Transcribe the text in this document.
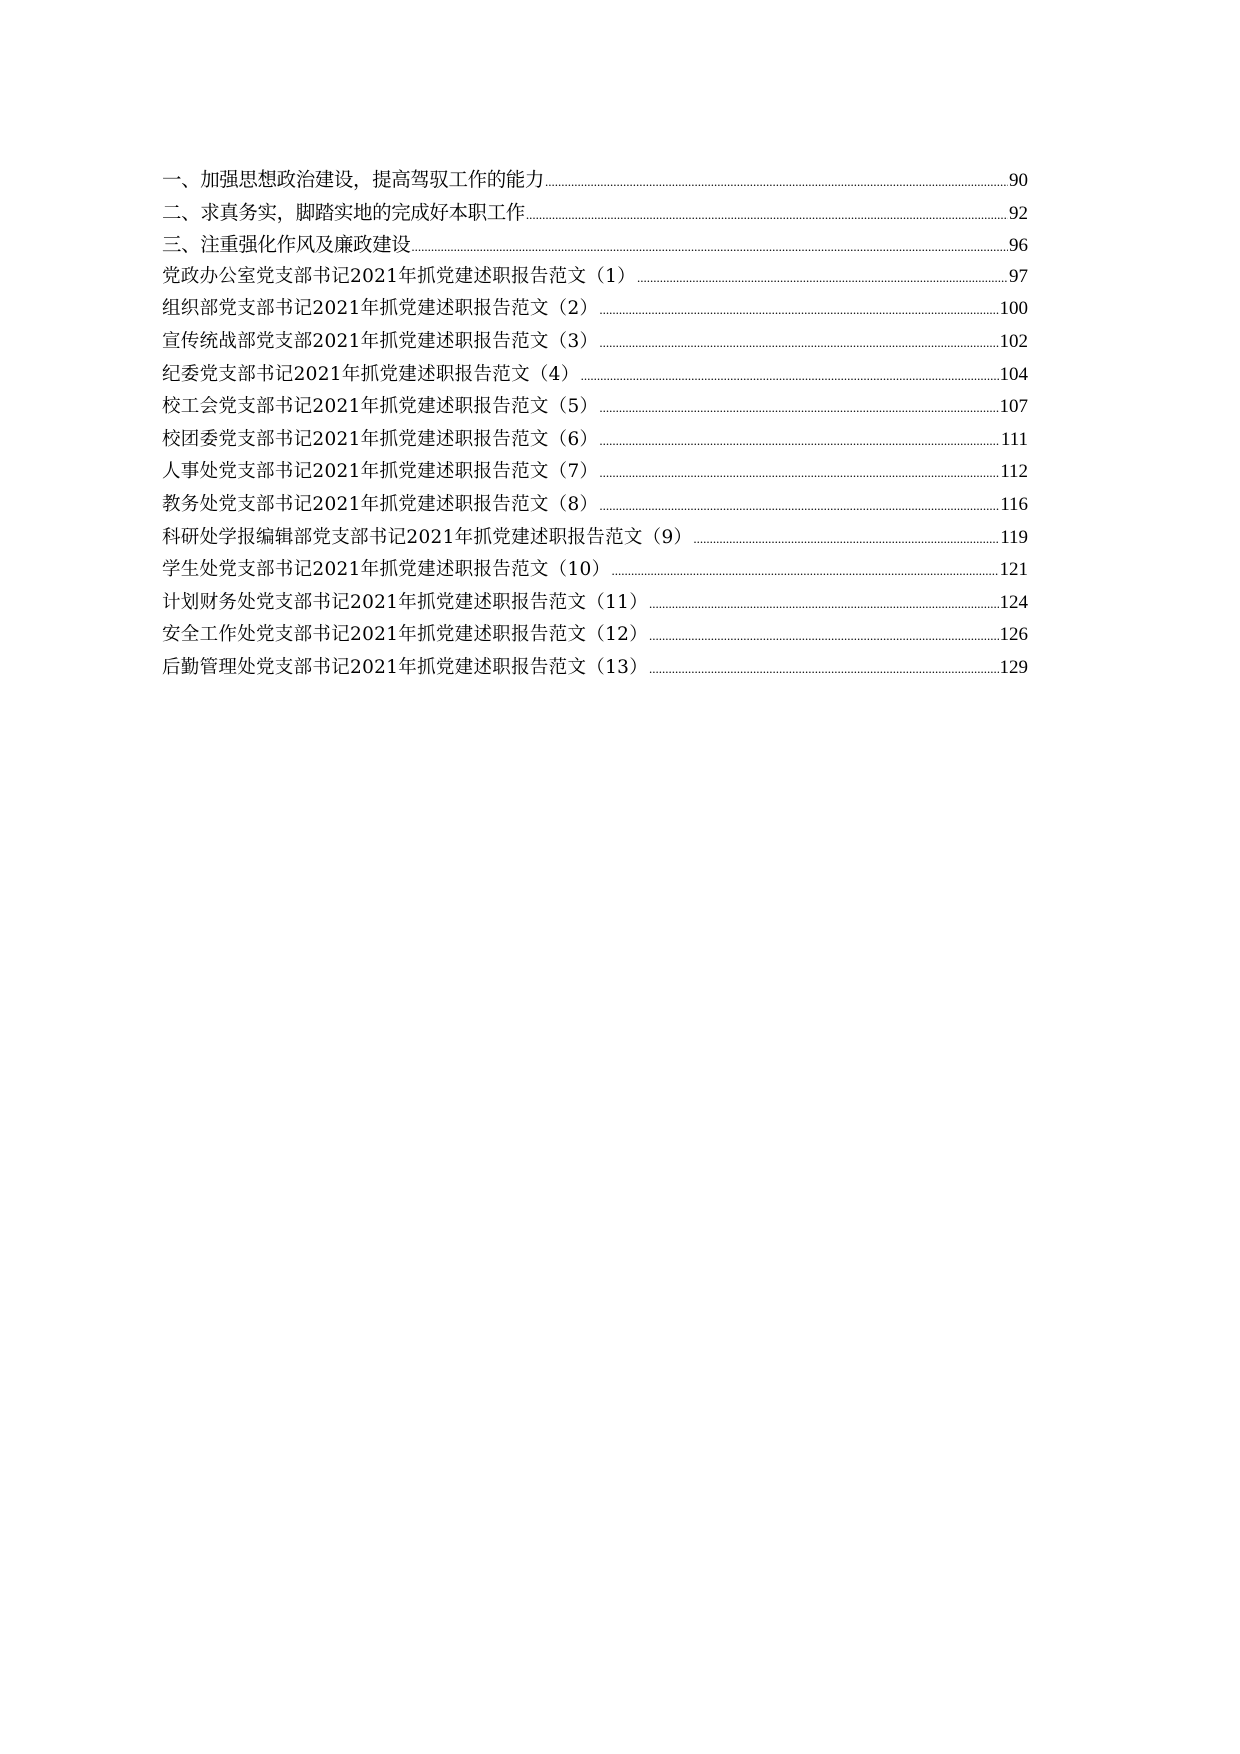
一、加强思想政治建设，提高驾驭工作的能力 .....	90
二、求真务实，脚踏实地的完成好本职工作 .....	92
三、注重强化作风及廉政建设 .....	96
党政办公室党支部书记2021年抓党建述职报告范文（1） .....	97
组织部党支部书记2021年抓党建述职报告范文（2） .....	100
宣传统战部党支部2021年抓党建述职报告范文（3） .....	102
纪委党支部书记2021年抓党建述职报告范文（4） .....	104
校工会党支部书记2021年抓党建述职报告范文（5） .....	107
校团委党支部书记2021年抓党建述职报告范文（6） .....	111
人事处党支部书记2021年抓党建述职报告范文（7） .....	112
教务处党支部书记2021年抓党建述职报告范文（8） .....	116
科研处学报编辑部党支部书记2021年抓党建述职报告范文（9） .....	119
学生处党支部书记2021年抓党建述职报告范文（10） .....	121
计划财务处党支部书记2021年抓党建述职报告范文（11） .....	124
安全工作处党支部书记2021年抓党建述职报告范文（12） .....	126
后勤管理处党支部书记2021年抓党建述职报告范文（13） .....	129
